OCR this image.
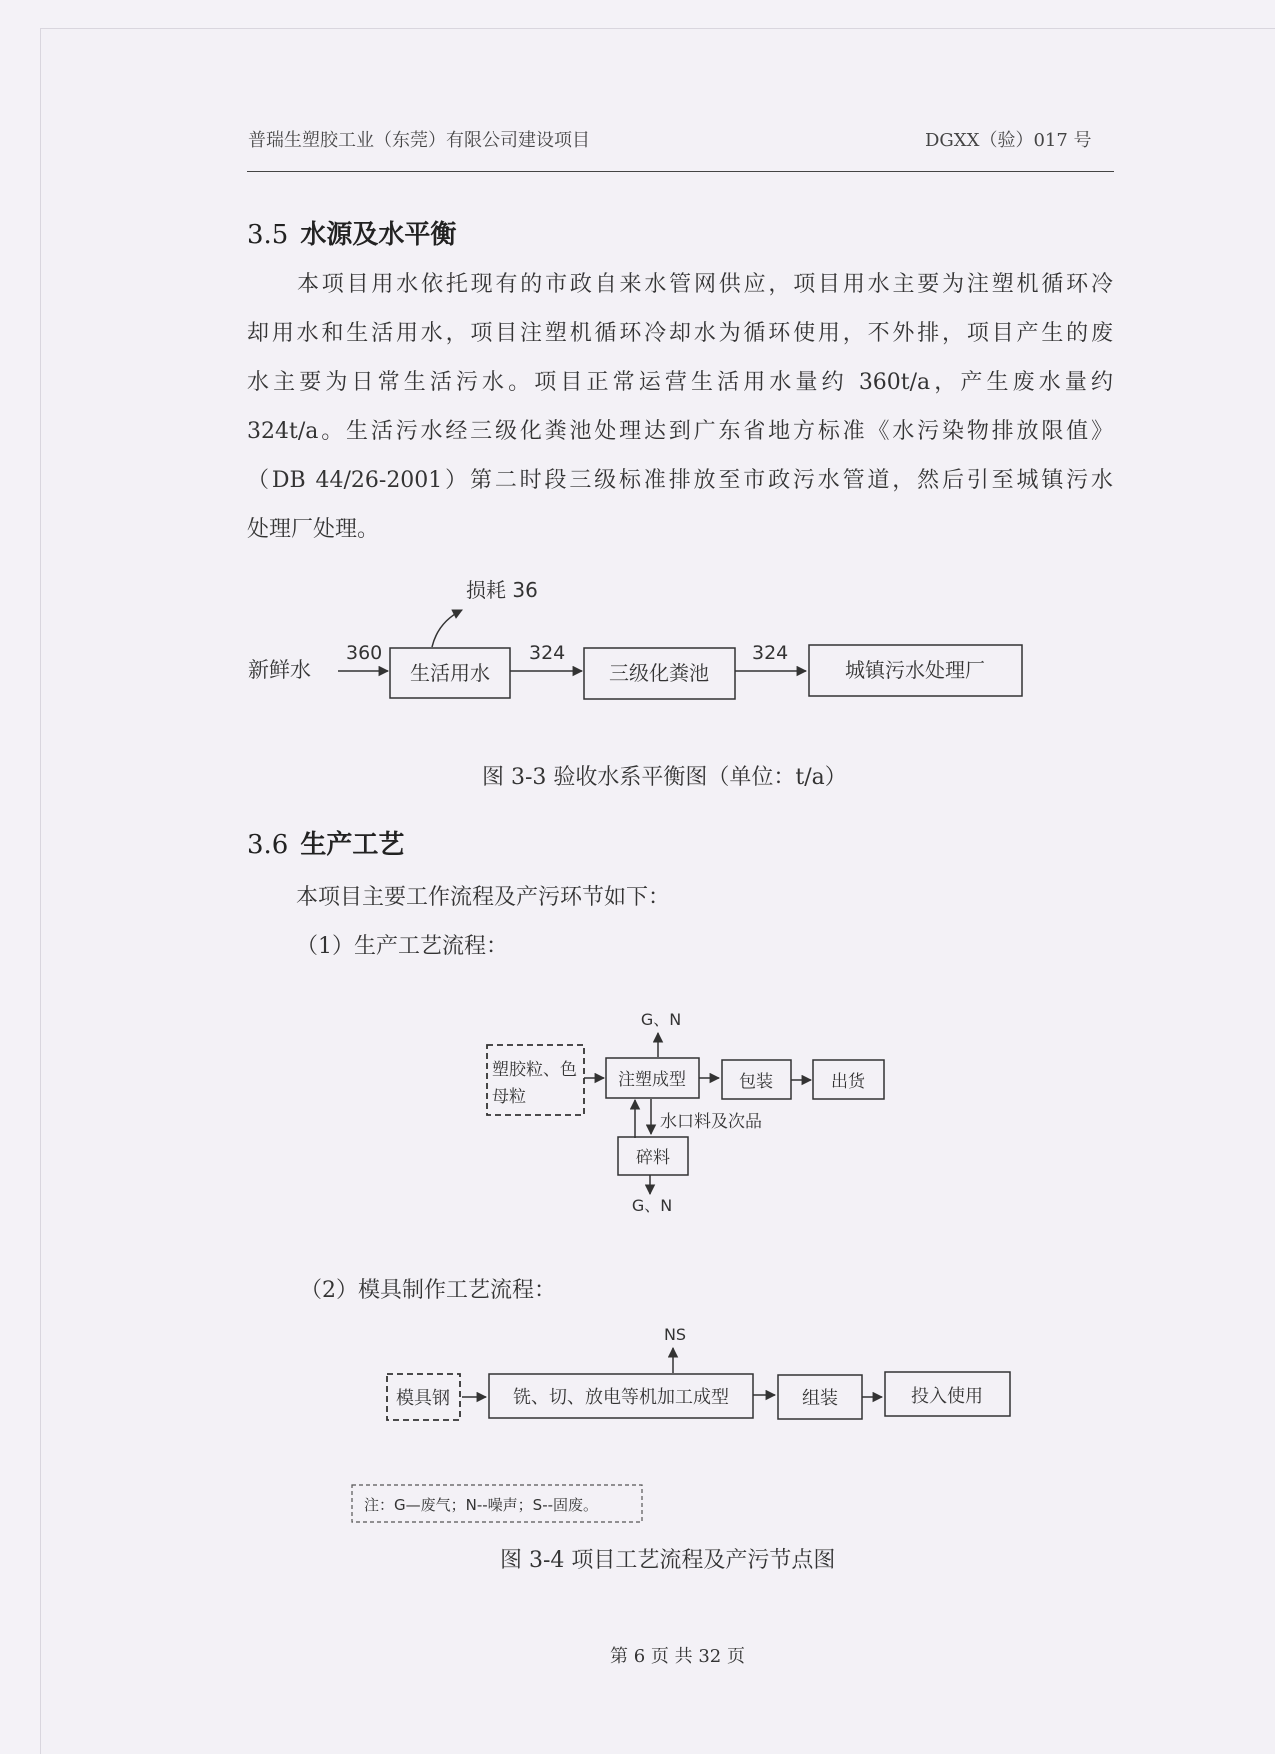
普瑞生塑胶工业（东莞）有限公司建设项目	DGXX（验）017 号
3.5 水源及水平衡
本项目用水依托现有的市政自来水管网供应，项目用水主要为注塑机循环冷
却用水和生活用水，项目注塑机循环冷却水为循环使用，不外排，项目产生的废
水主要为日常生活污水。项目正常运营生活用水量约 360t/a，产生废水量约
324t/a。生活污水经三级化粪池处理达到广东省地方标准《水污染物排放限值》
（DB 44/26-2001）第二时段三级标准排放至市政污水管道，然后引至城镇污水
处理厂处理。
损耗 36
新鲜水
360
生活用水
324
三级化粪池
324
城镇污水处理厂
G、N
塑胶粒、色
母粒
注塑成型	包装	出货
水口料及次品
碎料
G、N
NS
模具钢	铣、切、放电等机加工成型	组装	投入使用
注：G—废气；N--噪声；S--固废。
图 3-3 验收水系平衡图（单位：t/a）
3.6 生产工艺
本项目主要工作流程及产污环节如下：
（1）生产工艺流程：
（2）模具制作工艺流程：
图 3-4 项目工艺流程及产污节点图
第 6 页 共 32 页
